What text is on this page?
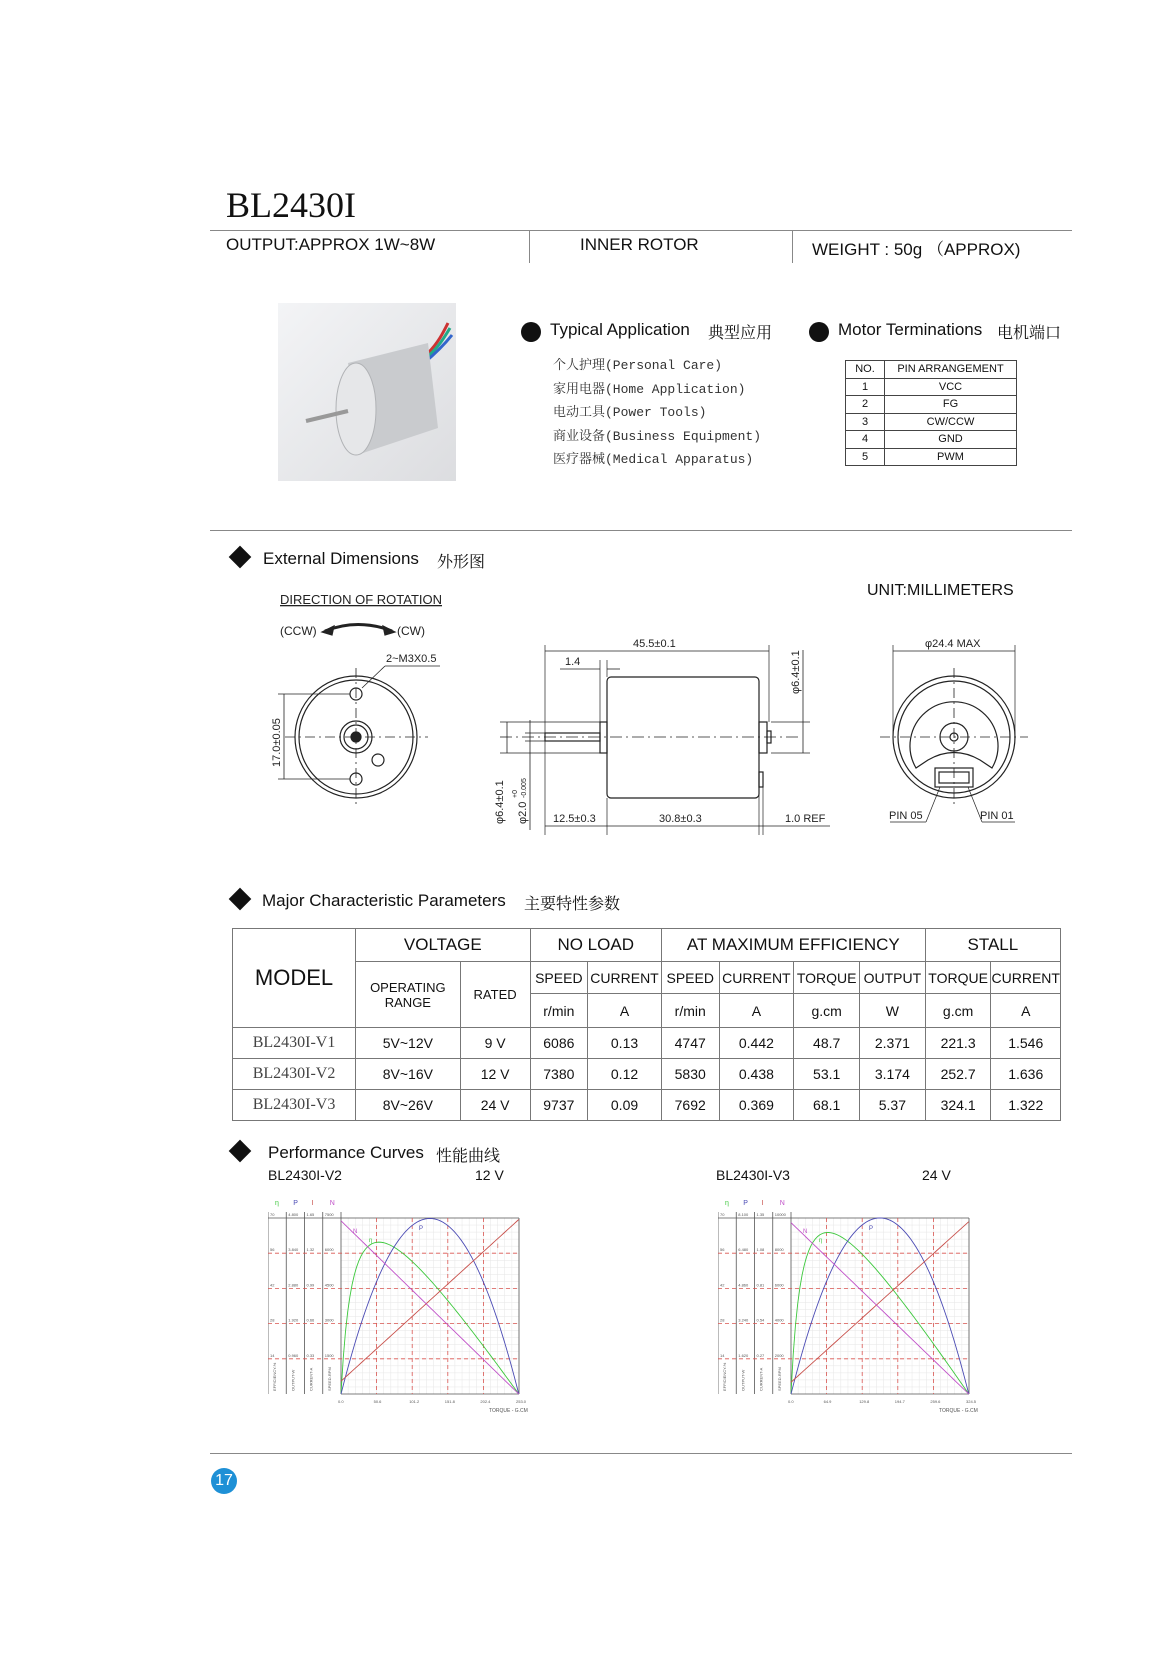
BL2430I
OUTPUT:APPROX 1W~8W	INNER ROTOR	WEIGHT : 50g （APPROX)
Typical Application 典型应用
个人护理(Personal Care)
家用电器(Home Application)
电动工具(Power Tools)
商业设备(Business Equipment)
医疗器械(Medical Apparatus)
Motor Terminations 电机端口
NO.	PIN ARRANGEMENT
1	VCC
2	FG
3	CW/CCW
4	GND
5	PWM
External Dimensions 外形图
UNIT:MILLIMETERS
DIRECTION OF ROTATION
(CCW)	(CW)
2~M3X0.5
17.0±0.05
45.5±0.1
1.4	φ6.4±0.1
φ6.4±0.1 φ2.0
+0 -0.005
12.5±0.3	30.8±0.3	1.0 REF
φ24.4 MAX
PIN 05	PIN 01
Major Characteristic Parameters 主要特性参数
MODEL	VOLTAGE		NO LOAD		AT MAXIMUM EFFICIENCY				STALL	
	OPERATING RANGE	RATED	SPEED	CURRENT	SPEED	CURRENT	TORQUE	OUTPUT	TORQUE	CURRENT
			r/min	A	r/min	A	g.cm	W	g.cm	A
BL2430I-V1	5V~12V	9 V	6086	0.13	4747	0.442	48.7	2.371	221.3	1.546
BL2430I-V2	8V~16V	12 V	7380	0.12	5830	0.438	53.1	3.174	252.7	1.636
BL2430I-V3	8V~26V	24 V	9737	0.09	7692	0.369	68.1	5.37	324.1	1.322
Performance Curves 性能曲线
BL2430I-V2	12 V	BL2430I-V3	24 V
η
70
56
42
28
14
EFFICIENCY-%
P
4.800
3.840
2.880
1.920
0.960
OUTPUT-W
I
1.65
1.32
0.99
0.66
0.33
CURRENT-A
N
7500
6000
4500
3000
1500
SPEED-RPM
0.0	50.6	101.2	151.8	202.4	253.0
TORQUE - G.CM
N	P
I
η
η
70
56
42
28
14
EFFICIENCY-%
P
8.100
6.480
4.860
3.240
1.620
OUTPUT-W
I
1.35
1.08
0.81
0.54
0.27
CURRENT-A
N
10000
8000
6000
4000
2000
SPEED-RPM
0.0	64.9	129.8	194.7	259.6	324.5
TORQUE - G.CM
N	P
I
η
17
